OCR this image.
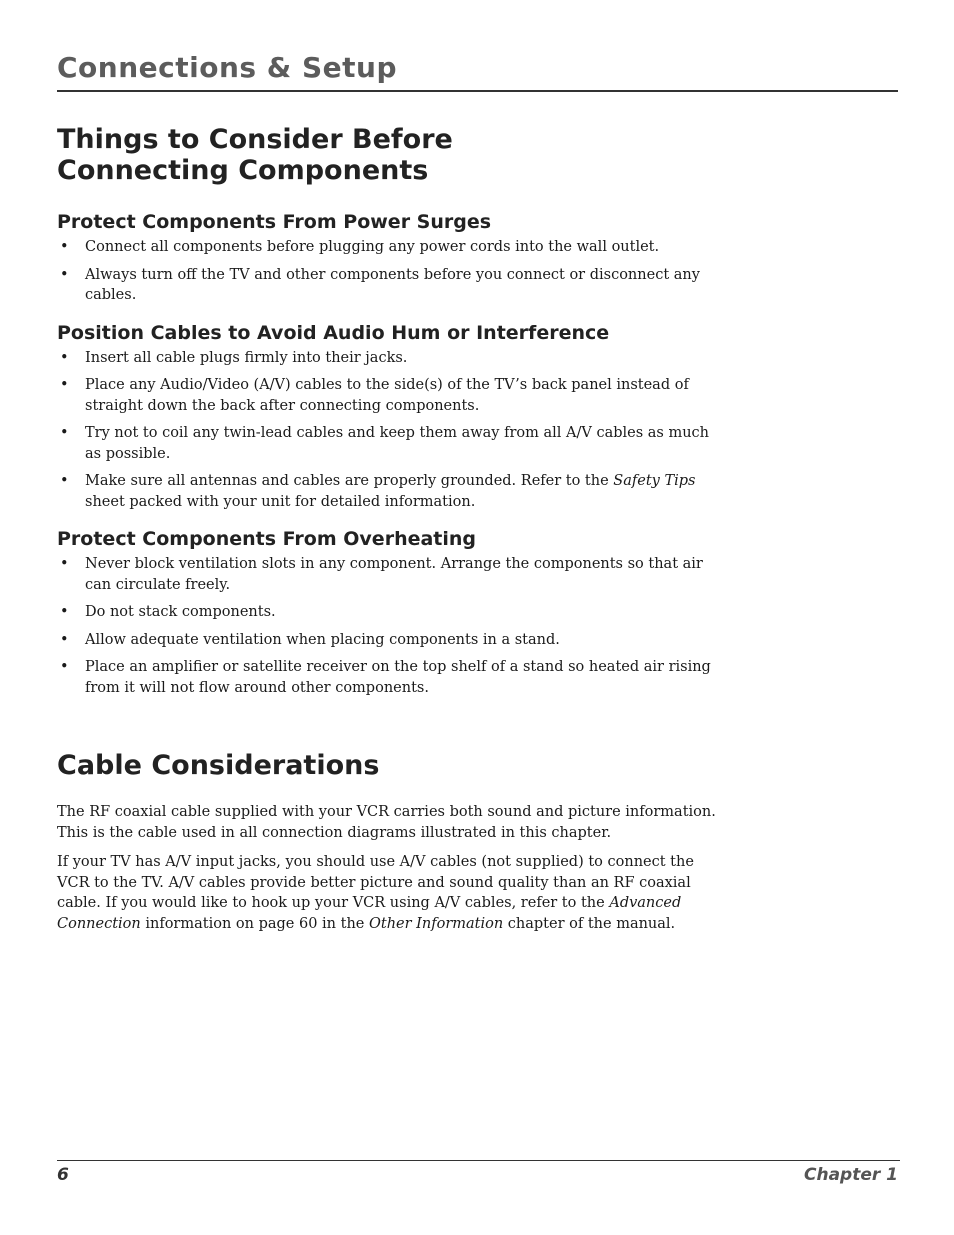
Connections & Setup
Things to Consider Before Connecting Components
Protect Components From Power Surges
• Connect all components before plugging any power cords into the wall outlet.
• Always turn off the TV and other components before you connect or disconnect any cables.
Position Cables to Avoid Audio Hum or Interference
• Insert all cable plugs firmly into their jacks.
• Place any Audio/Video (A/V) cables to the side(s) of the TV’s back panel instead of straight down the back after connecting components.
• Try not to coil any twin-lead cables and keep them away from all A/V cables as much as possible.
• Make sure all antennas and cables are properly grounded. Refer to the Safety Tips sheet packed with your unit for detailed information.
Protect Components From Overheating
• Never block ventilation slots in any component. Arrange the components so that air can circulate freely.
• Do not stack components.
• Allow adequate ventilation when placing components in a stand.
• Place an amplifier or satellite receiver on the top shelf of a stand so heated air rising from it will not flow around other components.
Cable Considerations

The RF coaxial cable supplied with your VCR carries both sound and picture information. This is the cable used in all connection diagrams illustrated in this chapter.

If your TV has A/V input jacks, you should use A/V cables (not supplied) to connect the VCR to the TV. A/V cables provide better picture and sound quality than an RF coaxial cable. If you would like to hook up your VCR using A/V cables, refer to the Advanced Connection information on page 60 in the Other Information chapter of the manual.

6	Chapter 1
